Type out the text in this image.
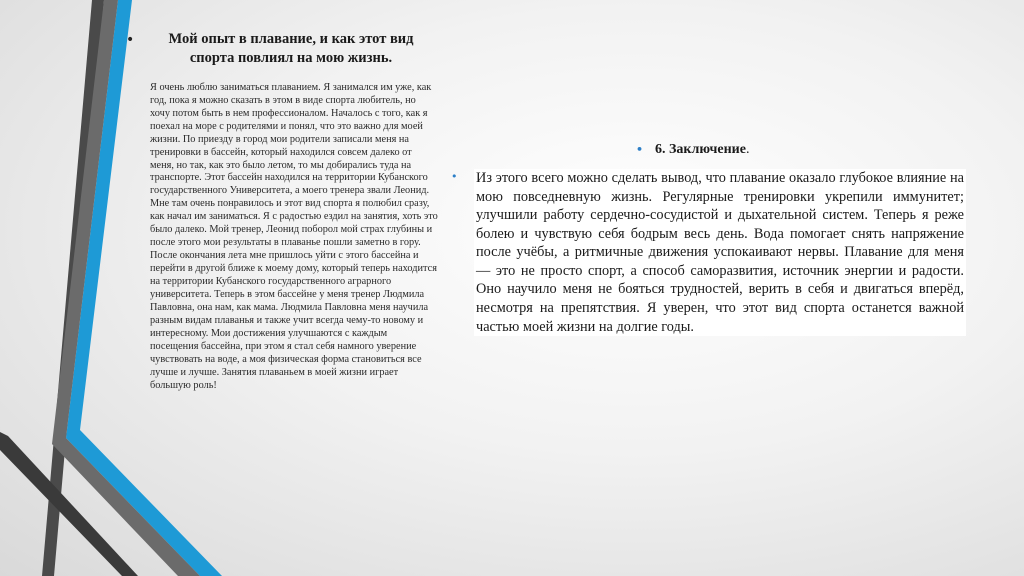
•	Мой опыт в плавание, и как этот вид спорта повлиял на мою жизнь.

Я очень люблю заниматься плаванием. Я занимался им уже, как год, пока я можно сказать в этом в виде спорта любитель, но хочу потом быть в нем профессионалом. Началось с того, как я поехал на море с родителями и понял, что это важно для моей жизни. По приезду в город мои родители записали меня на тренировки в бассейн, который находился совсем далеко от меня, но так, как это было летом, то мы добирались туда на транспорте. Этот бассейн находился на территории Кубанского государственного Университета, а моего тренера звали Леонид. Мне там очень понравилось и этот вид спорта я полюбил сразу, как начал им заниматься. Я с радостью ездил на занятия, хоть это было далеко. Мой тренер, Леонид поборол мой страх глубины и после этого мои результаты в плаванье пошли заметно в гору. После окончания лета мне пришлось уйти с этого бассейна и перейти в другой ближе к моему дому, который теперь находится на территории Кубанского государственного аграрного университета. Теперь в этом бассейне у меня тренер Людмила Павловна, она нам, как мама. Людмила Павловна меня научила разным видам плаванья и также учит всегда чему-то новому и интересному. Мои достижения улучшаются с каждым посещения бассейна, при этом я стал себя намного уверение чувствовать на воде, а моя физическая форма становиться все лучше и лучше. Занятия плаваньем в моей жизни играет большую роль!

• 6. Заключение.
• Из этого всего можно сделать вывод, что плавание оказало глубокое влияние на мою повседневную жизнь. Регулярные тренировки укрепили иммунитет; улучшили работу сердечно-сосудистой и дыхательной систем. Теперь я реже болею и чувствую себя бодрым весь день. Вода помогает снять напряжение после учёбы, а ритмичные движения успокаивают нервы. Плавание для меня — это не просто спорт, а способ саморазвития, источник энергии и радости. Оно научило меня не бояться трудностей, верить в себя и двигаться вперёд, несмотря на препятствия. Я уверен, что этот вид спорта останется важной частью моей жизни на долгие годы.
